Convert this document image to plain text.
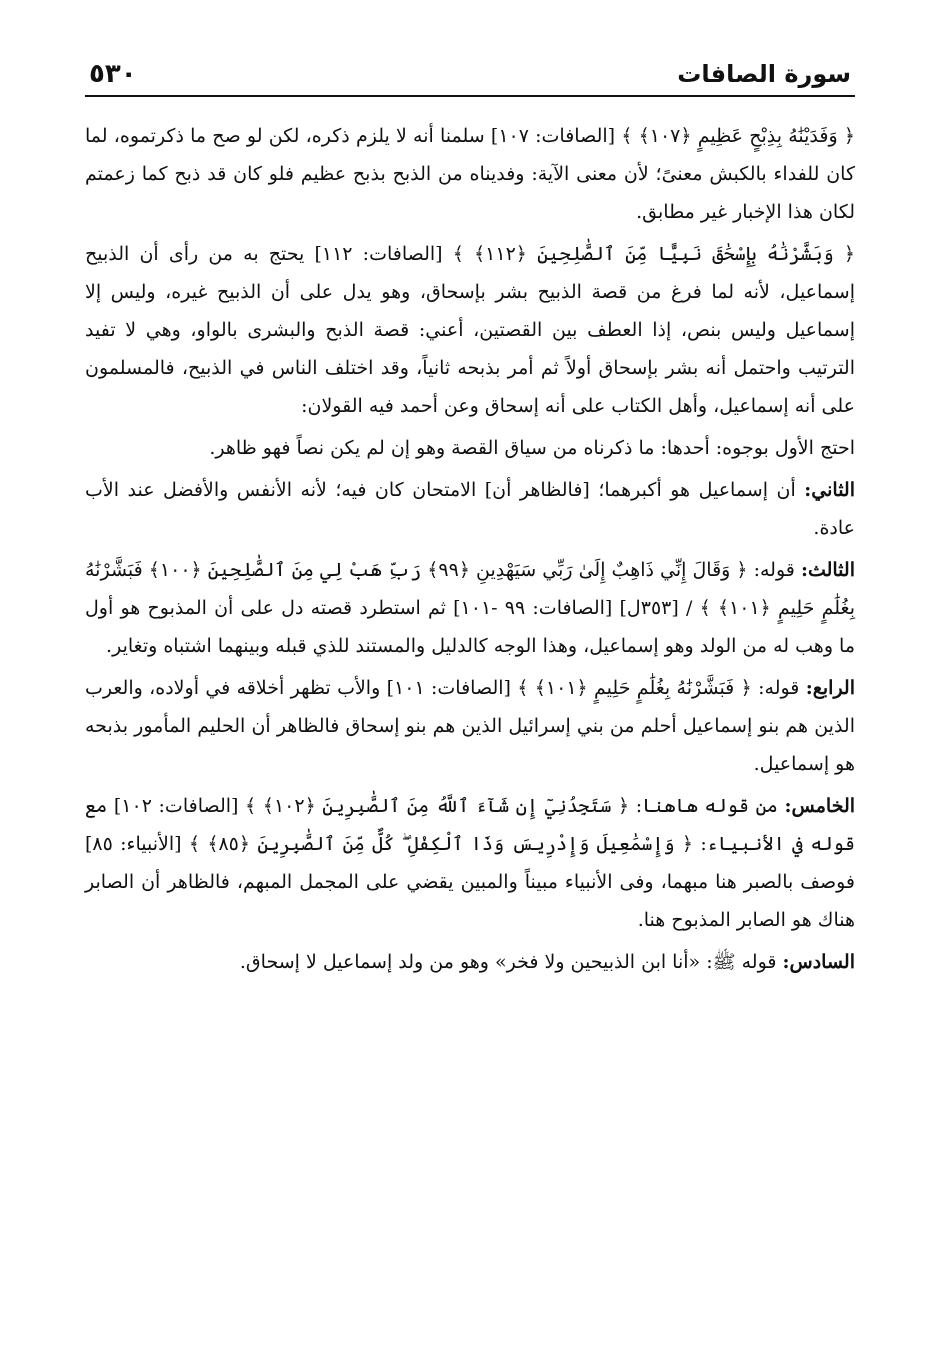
سورة الصافات
٥٣٠

﴿ وَفَدَيْنَٰهُ بِذِبْحٍ عَظِيمٍ ﴿١٠٧﴾ ﴾ [الصافات: ١٠٧] سلمنا أنه لا يلزم ذكره، لكن لو صح ما ذكرتموه، لما كان للفداء بالكبش معنىً؛ لأن معنى الآية: وفديناه من الذبح بذبح عظيم فلو كان قد ذبح كما زعمتم لكان هذا الإخبار غير مطابق.

﴿ وَبَشَّرْنَٰهُ بِإِسْحَٰقَ نَبِيًّا مِّنَ ٱلصَّٰلِحِينَ ﴿١١٢﴾ ﴾ [الصافات: ١١٢] يحتج به من رأى أن الذبيح إسماعيل، لأنه لما فرغ من قصة الذبيح بشر بإسحاق، وهو يدل على أن الذبيح غيره، وليس إلا إسماعيل وليس بنص، إذا العطف بين القصتين، أعني: قصة الذبح والبشرى بالواو، وهي لا تفيد الترتيب واحتمل أنه بشر بإسحاق أولاً ثم أمر بذبحه ثانياً، وقد اختلف الناس في الذبيح، فالمسلمون على أنه إسماعيل، وأهل الكتاب على أنه إسحاق وعن أحمد فيه القولان:

احتج الأول بوجوه: أحدها: ما ذكرناه من سياق القصة وهو إن لم يكن نصاً فهو ظاهر.

الثاني: أن إسماعيل هو أكبرهما؛ [فالظاهر أن] الامتحان كان فيه؛ لأنه الأنفس والأفضل عند الأب عادة.

الثالث: قوله: ﴿ وَقَالَ إِنِّي ذَاهِبٌ إِلَىٰ رَبِّي سَيَهْدِينِ ﴿٩٩﴾ رَبِّ هَبْ لِي مِنَ ٱلصَّٰلِحِينَ ﴿١٠٠﴾ فَبَشَّرْنَٰهُ بِغُلَٰمٍ حَلِيمٍ ﴿١٠١﴾ ﴾ / [٣٥٣ل] [الصافات: ٩٩ -١٠١] ثم استطرد قصته دل على أن المذبوح هو أول ما وهب له من الولد وهو إسماعيل، وهذا الوجه كالدليل والمستند للذي قبله وبينهما اشتباه وتغاير.

الرابع: قوله: ﴿ فَبَشَّرْنَٰهُ بِغُلَٰمٍ حَلِيمٍ ﴿١٠١﴾ ﴾ [الصافات: ١٠١] والأب تظهر أخلاقه في أولاده، والعرب الذين هم بنو إسماعيل أحلم من بني إسرائيل الذين هم بنو إسحاق فالظاهر أن الحليم المأمور بذبحه هو إسماعيل.

الخامس: من قوله هاهنا: ﴿ سَتَجِدُنِيٓ إِن شَآءَ ٱللَّهُ مِنَ ٱلصَّٰبِرِينَ ﴿١٠٢﴾ ﴾ [الصافات: ١٠٢] مع قوله في الأنبياء: ﴿ وَإِسْمَٰعِيلَ وَإِدْرِيسَ وَذَا ٱلْكِفْلِ ۖ كُلٌّ مِّنَ ٱلصَّٰبِرِينَ ﴿٨٥﴾ ﴾ [الأنبياء: ٨٥] فوصف بالصبر هنا مبهما، وفى الأنبياء مبيناً والمبين يقضي على المجمل المبهم، فالظاهر أن الصابر هناك هو الصابر المذبوح هنا.

السادس: قوله ﷺ: «أنا ابن الذبيحين ولا فخر» وهو من ولد إسماعيل لا إسحاق.
